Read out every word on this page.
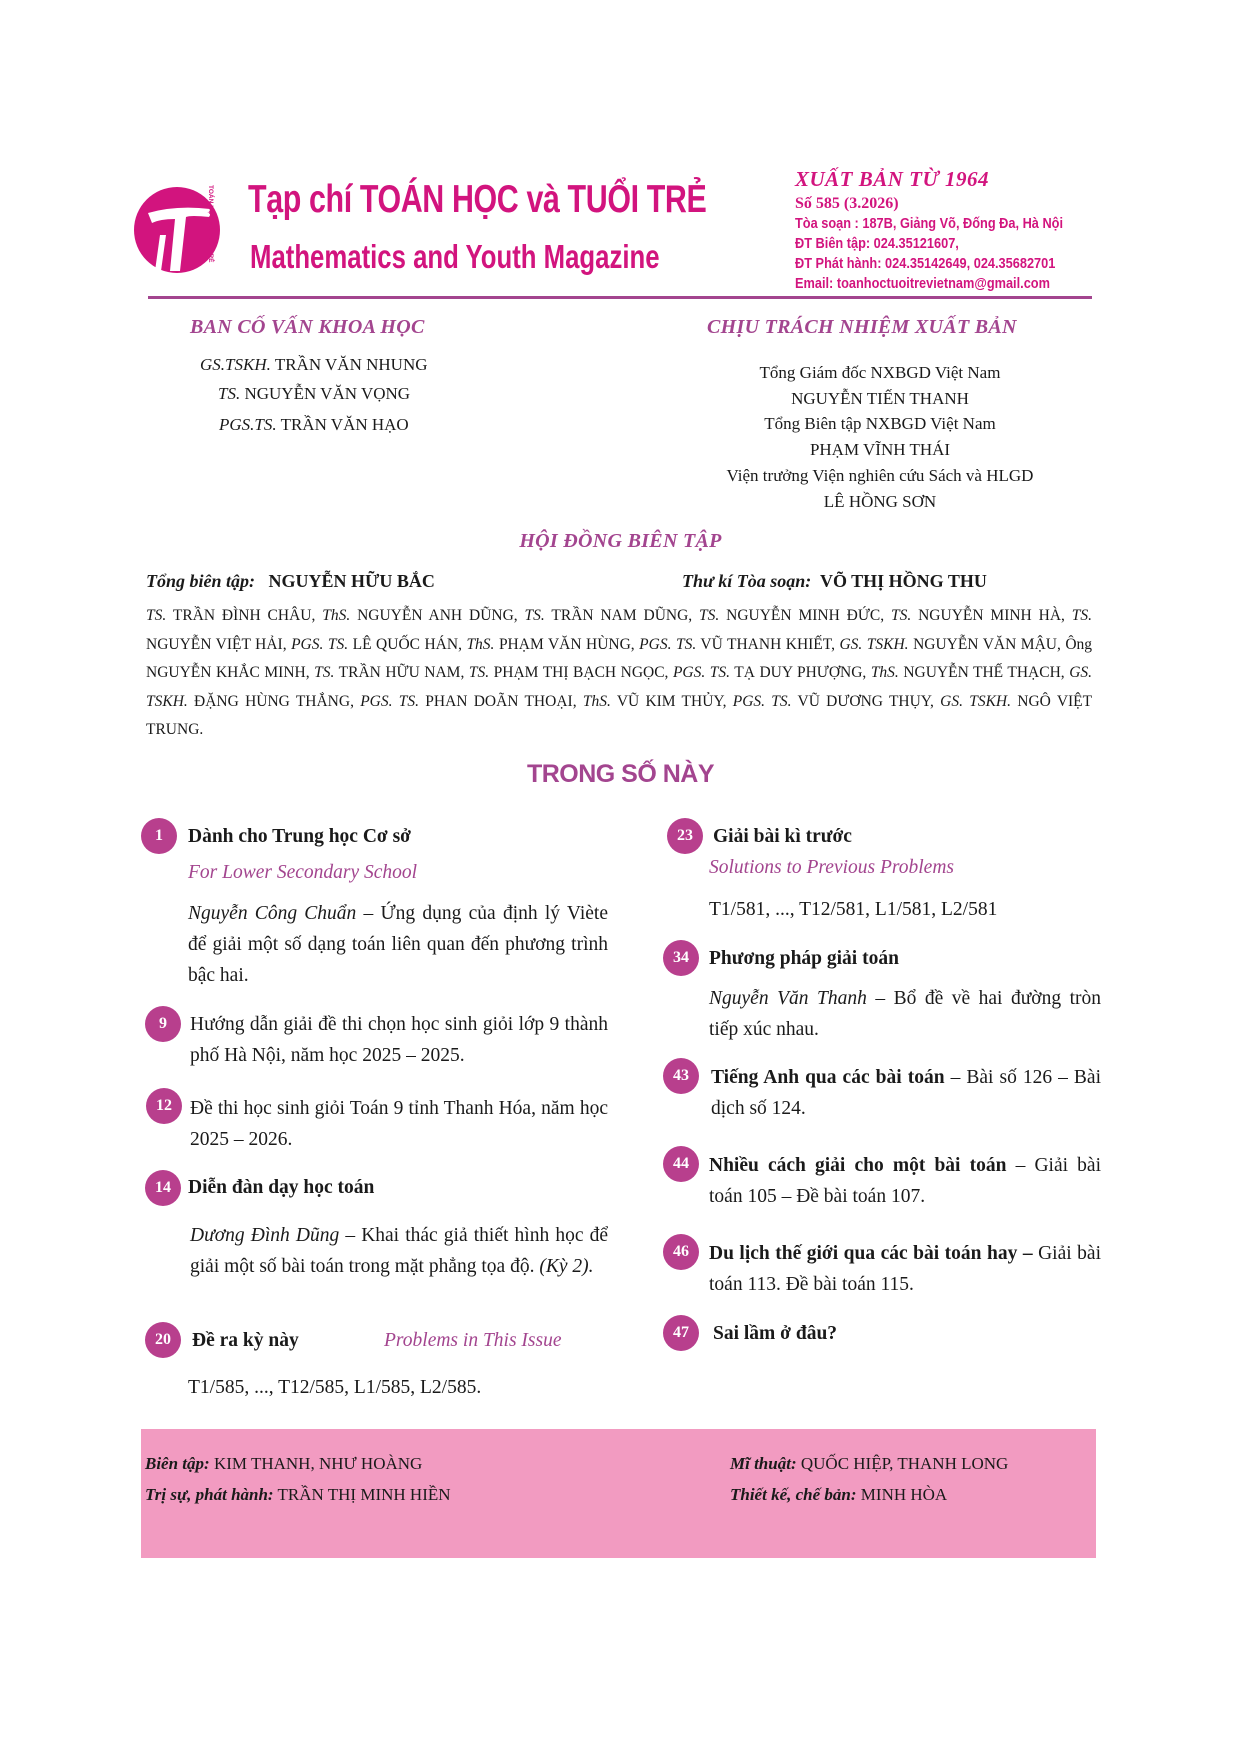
TOÁN HỌC VÀ TUỔI TRẺ Tạp chí TOÁN HỌC và TUỔI TRẺ
Mathematics and Youth Magazine
XUẤT BẢN TỪ 1964
Số 585 (3.2026)
Tòa soạn : 187B, Giảng Võ, Đống Đa, Hà Nội
ĐT Biên tập: 024.35121607,
ĐT Phát hành: 024.35142649, 024.35682701
Email: toanhoctuoitrevietnam@gmail.com
BAN CỐ VẤN KHOA HỌC
GS.TSKH. TRẦN VĂN NHUNG
TS. NGUYỄN VĂN VỌNG
PGS.TS. TRẦN VĂN HẠO
CHỊU TRÁCH NHIỆM XUẤT BẢN
Tổng Giám đốc NXBGD Việt Nam
NGUYỄN TIẾN THANH
Tổng Biên tập NXBGD Việt Nam
PHẠM VĨNH THÁI
Viện trưởng Viện nghiên cứu Sách và HLGD
LÊ HỒNG SƠN
HỘI ĐỒNG BIÊN TẬP
Tổng biên tập: NGUYỄN HỮU BẮC	Thư kí Tòa soạn: VÕ THỊ HỒNG THU
TS. TRẦN ĐÌNH CHÂU, ThS. NGUYỄN ANH DŨNG, TS. TRẦN NAM DŨNG, TS. NGUYỄN MINH ĐỨC, TS. NGUYỄN MINH HÀ, TS. NGUYỄN VIỆT HẢI, PGS. TS. LÊ QUỐC HÁN, ThS. PHẠM VĂN HÙNG, PGS. TS. VŨ THANH KHIẾT, GS. TSKH. NGUYỄN VĂN MẬU, Ông NGUYỄN KHẮC MINH, TS. TRẦN HỮU NAM, TS. PHẠM THỊ BẠCH NGỌC, PGS. TS. TẠ DUY PHƯỢNG, ThS. NGUYỄN THẾ THẠCH, GS. TSKH. ĐẶNG HÙNG THẮNG, PGS. TS. PHAN DOÃN THOẠI, ThS. VŨ KIM THỦY, PGS. TS. VŨ DƯƠNG THỤY, GS. TSKH. NGÔ VIỆT TRUNG.
TRONG SỐ NÀY
1	Dành cho Trung học Cơ sở
For Lower Secondary School
Nguyễn Công Chuẩn – Ứng dụng của định lý Viète để giải một số dạng toán liên quan đến phương trình bậc hai.
9	Hướng dẫn giải đề thi chọn học sinh giỏi lớp 9 thành phố Hà Nội, năm học 2025 – 2025.
12 Đề thi học sinh giỏi Toán 9 tỉnh Thanh Hóa, năm học 2025 – 2026.
14 Diễn đàn dạy học toán
Dương Đình Dũng – Khai thác giả thiết hình học để giải một số bài toán trong mặt phẳng tọa độ. (Kỳ 2).
20	Đề ra kỳ này	Problems in This Issue
T1/585, ..., T12/585, L1/585, L2/585.
23	Giải bài kì trước
Solutions to Previous Problems
T1/581, ..., T12/581, L1/581, L2/581
34	Phương pháp giải toán
Nguyễn Văn Thanh – Bổ đề về hai đường tròn tiếp xúc nhau.
43	Tiếng Anh qua các bài toán – Bài số 126 – Bài dịch số 124.
44	Nhiều cách giải cho một bài toán – Giải bài toán 105 – Đề bài toán 107.
46	Du lịch thế giới qua các bài toán hay – Giải bài toán 113. Đề bài toán 115.
47	Sai lầm ở đâu?
Biên tập: KIM THANH, NHƯ HOÀNG
Trị sự, phát hành: TRẦN THỊ MINH HIỀN
Mĩ thuật: QUỐC HIỆP, THANH LONG
Thiết kế, chế bản: MINH HÒA
